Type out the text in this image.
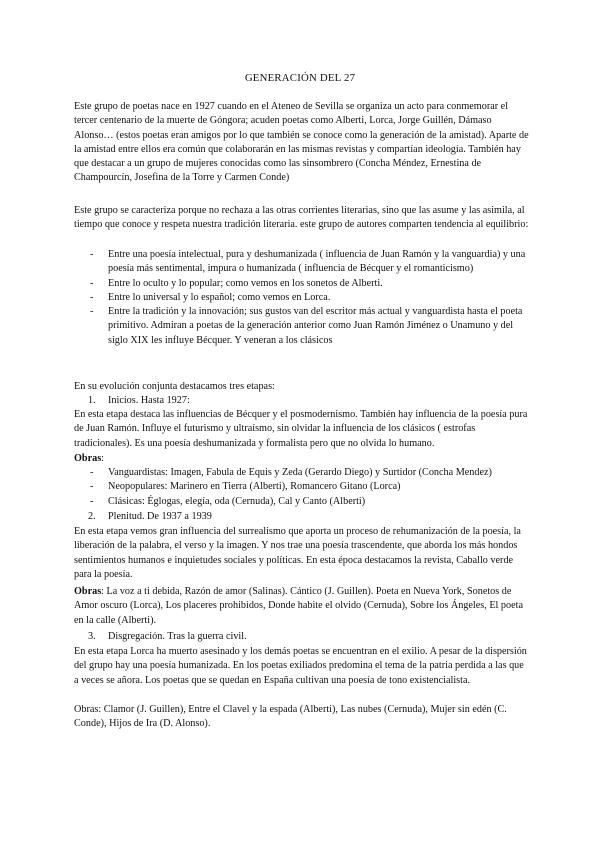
GENERACIÓN DEL 27

Este grupo de poetas nace en 1927 cuando en el Ateneo de Sevilla se organiza un acto para conmemorar el tercer centenario de la muerte de Góngora; acuden poetas como Alberti, Lorca, Jorge Guillén, Dámaso Alonso… (estos poetas eran amigos por lo que también se conoce como la generación de la amistad). Aparte de la amistad entre ellos era común que colaborarán en las mismas revistas y compartían ideología. También hay que destacar a un grupo de mujeres conocidas como las sinsombrero (Concha Méndez, Ernestina de Champourcín, Josefina de la Torre y Carmen Conde)

Este grupo se caracteriza porque no rechaza a las otras corrientes literarias, sino que las asume y las asimila, al tiempo que conoce y respeta nuestra tradición literaria. este grupo de autores comparten tendencia al equilibrio:

- Entre una poesía intelectual, pura y deshumanizada ( influencia de Juan Ramón y la vanguardia) y una poesía más sentimental, impura o humanizada ( influencia de Bécquer y el romanticismo)
- Entre lo oculto y lo popular; como vemos en los sonetos de Alberti.
- Entre lo universal y lo español; como vemos en Lorca.
- Entre la tradición y la innovación; sus gustos van del escritor más actual y vanguardista hasta el poeta primitivo. Admiran a poetas de la generación anterior como Juan Ramón Jiménez o Unamuno y del siglo XIX les influye Bécquer. Y veneran a los clásicos

En su evolución conjunta destacamos tres etapas:

1. Inicios. Hasta 1927:

En esta etapa destaca las influencias de Bécquer y el posmodernismo. También hay influencia de la poesía pura de Juan Ramón. Influye el futurismo y ultraísmo, sin olvidar la influencia de los clásicos ( estrofas tradicionales). Es una poesía deshumanizada y formalista pero que no olvida lo humano.

Obras:

- Vanguardistas: Imagen, Fabula de Equis y Zeda (Gerardo Diego) y Surtidor (Concha Mendez)
- Neopopulares: Marinero en Tierra (Alberti), Romancero Gitano (Lorca)
- Clásicas: Églogas, elegía, oda (Cernuda), Cal y Canto (Alberti)
2. Plenitud. De 1937 a 1939

En esta etapa vemos gran influencia del surrealismo que aporta un proceso de rehumanización de la poesía, la liberación de la palabra, el verso y la imagen. Y nos trae una poesía trascendente, que aborda los más hondos sentimientos humanos e inquietudes sociales y políticas. En esta época destacamos la revista, Caballo verde para la poesía.

Obras: La voz a ti debida, Razón de amor (Salinas). Cántico (J. Guillen). Poeta en Nueva York, Sonetos de Amor oscuro (Lorca), Los placeres prohibidos, Donde habite el olvido (Cernuda), Sobre los Ángeles, El poeta en la calle (Alberti).

3. Disgregación. Tras la guerra civil.

En esta etapa Lorca ha muerto asesinado y los demás poetas se encuentran en el exilio. A pesar de la dispersión del grupo hay una poesía humanizada. En los poetas exiliados predomina el tema de la patria perdida a las que a veces se añora. Los poetas que se quedan en España cultivan una poesía de tono existencialista.

Obras: Clamor (J. Guillen), Entre el Clavel y la espada (Alberti), Las nubes (Cernuda), Mujer sin edén (C. Conde), Hijos de Ira (D. Alonso).
